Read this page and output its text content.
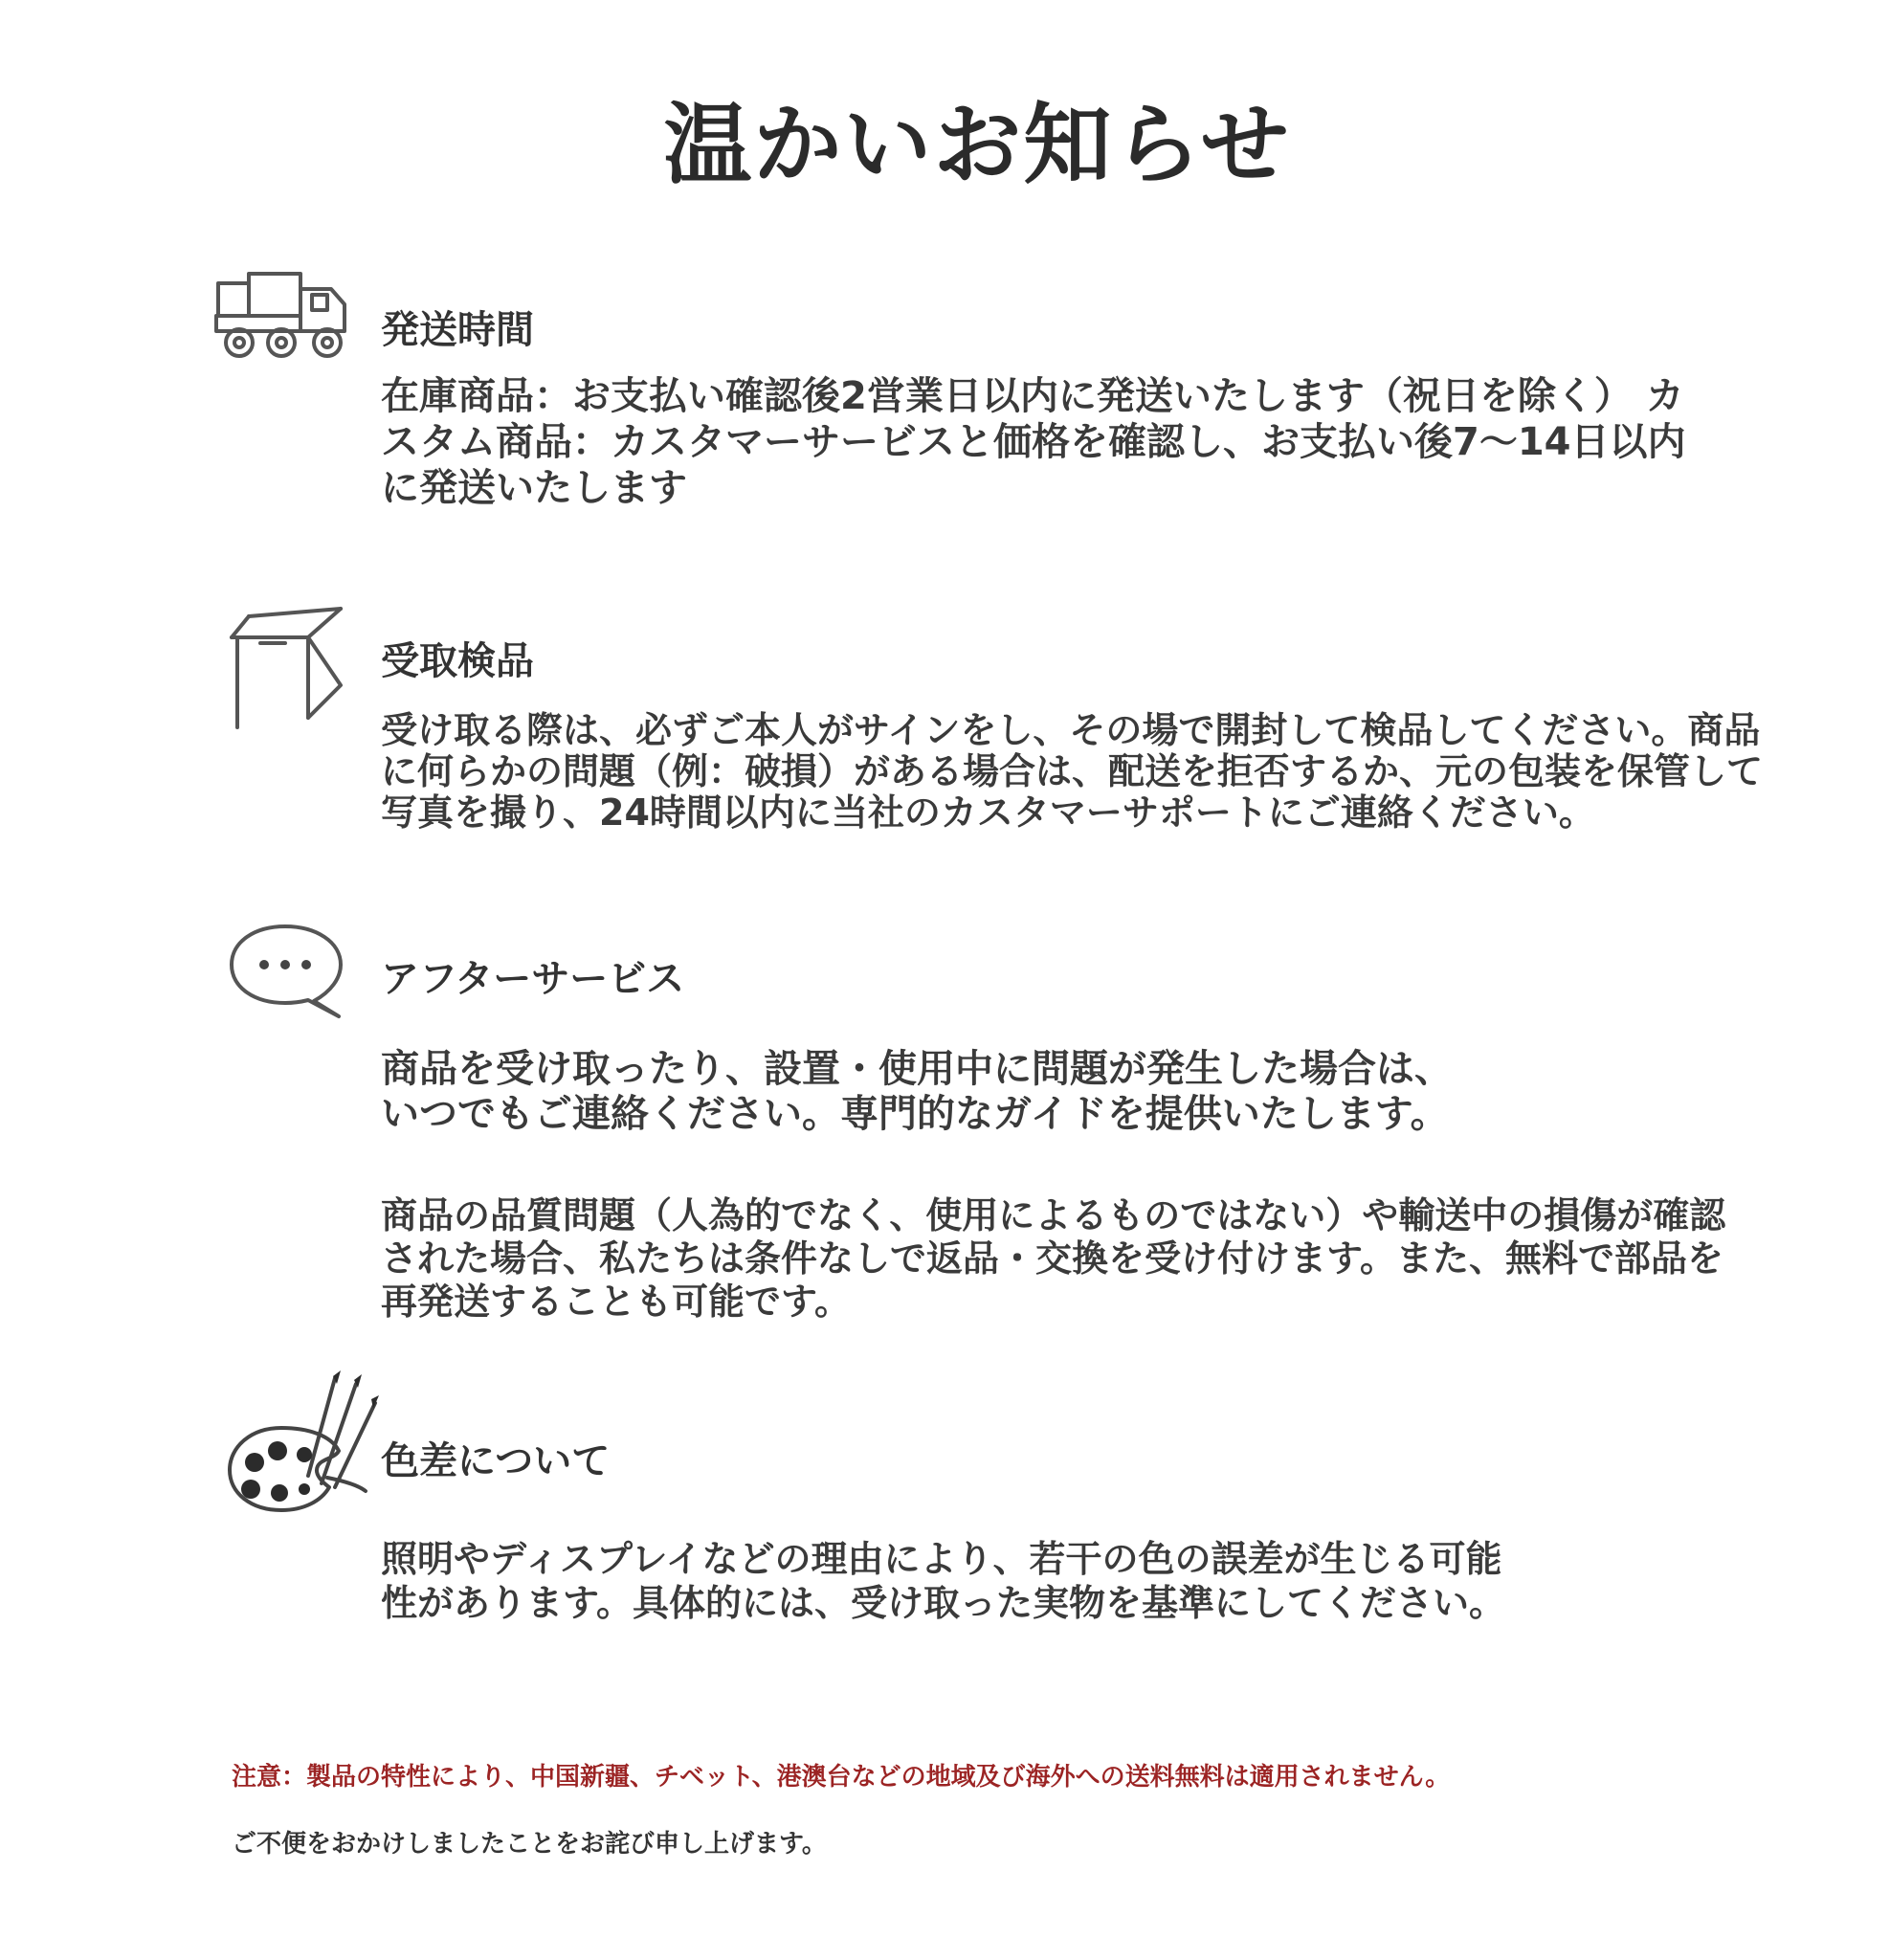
温かいお知らせ
発送時間

在庫商品：お支払い確認後2営業日以内に発送いたします（祝日を除く） カ
スタム商品：カスタマーサービスと価格を確認し、お支払い後7〜14日以内
に発送いたします

受取検品

受け取る際は、必ずご本人がサインをし、その場で開封して検品してください。商品
に何らかの問題（例：破損）がある場合は、配送を拒否するか、元の包装を保管して
写真を撮り、24時間以内に当社のカスタマーサポートにご連絡ください。

アフターサービス

商品を受け取ったり、設置・使用中に問題が発生した場合は、
いつでもご連絡ください。専門的なガイドを提供いたします。

商品の品質問題（人為的でなく、使用によるものではない）や輸送中の損傷が確認
された場合、私たちは条件なしで返品・交換を受け付けます。また、無料で部品を
再発送することも可能です。

色差について

照明やディスプレイなどの理由により、若干の色の誤差が生じる可能
性があります。具体的には、受け取った実物を基準にしてください。

注意：製品の特性により、中国新疆、チベット、港澳台などの地域及び海外への送料無料は適用されません。

ご不便をおかけしましたことをお詫び申し上げます。
